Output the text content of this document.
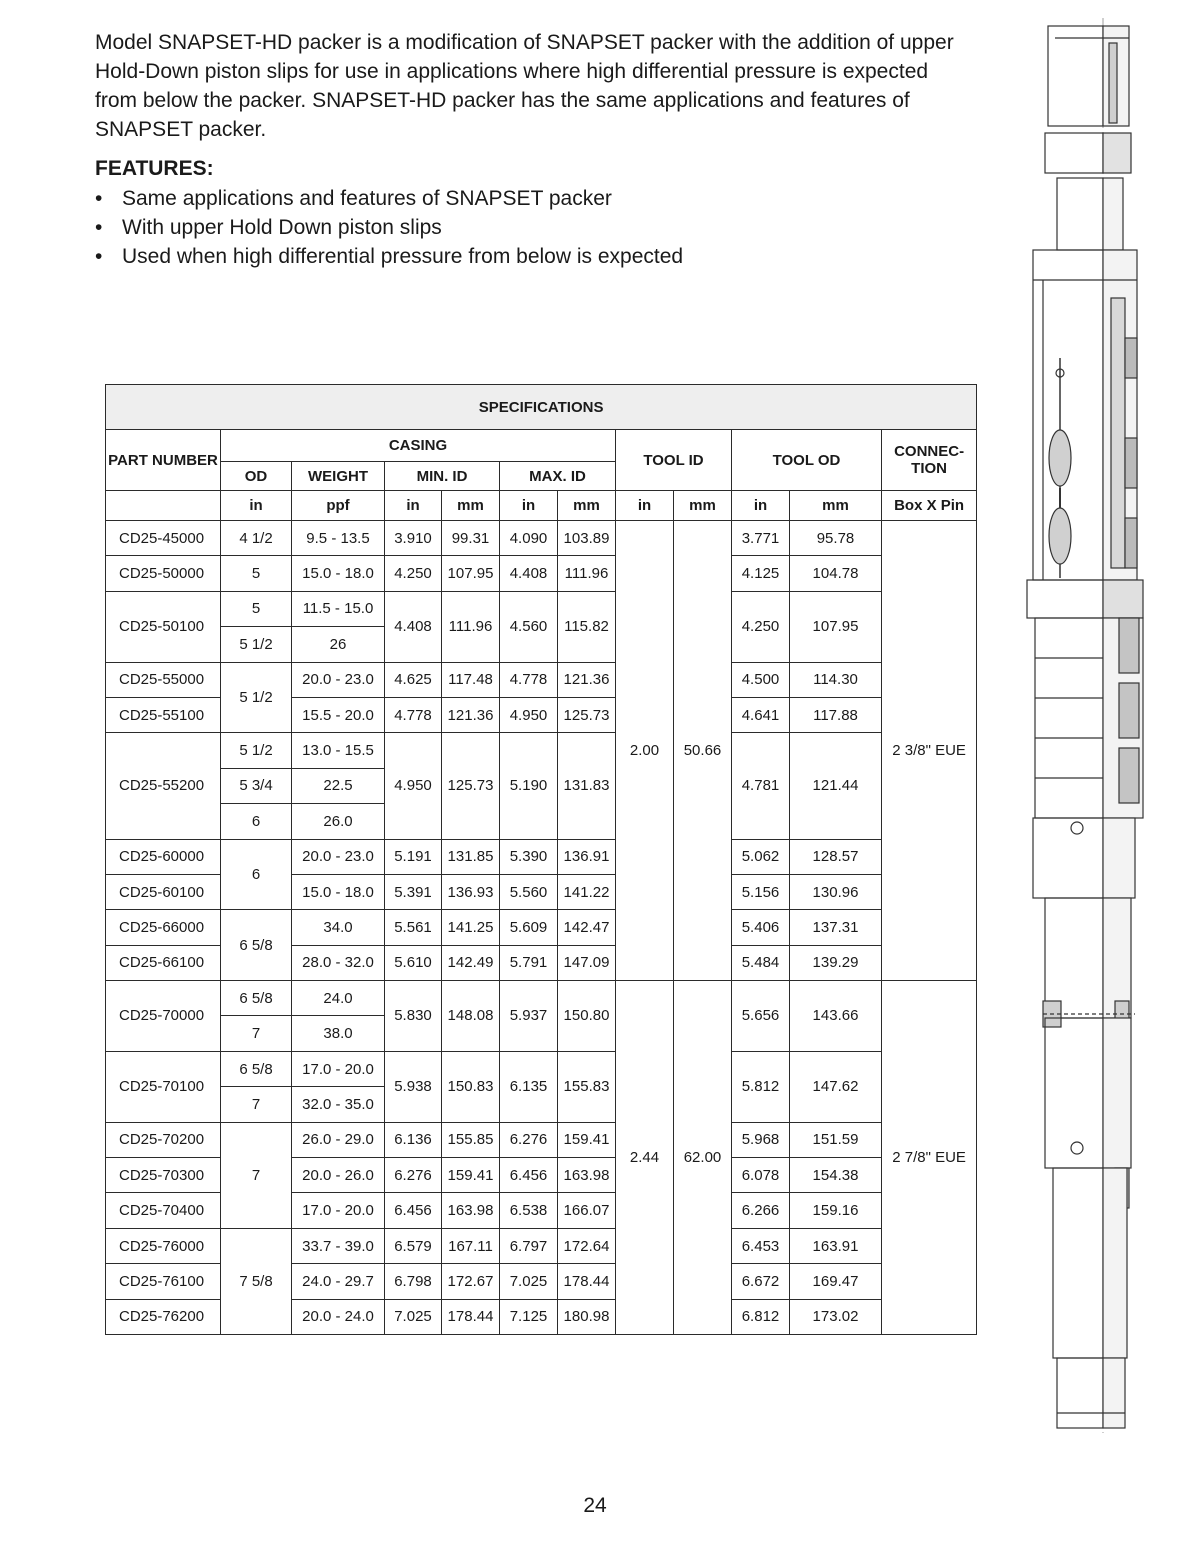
Model SNAPSET-HD packer is a modification of SNAPSET packer with the addition of upper Hold-Down piston slips for use in applications where high differential pressure is expected from below the packer. SNAPSET-HD packer has the same applications and features of SNAPSET packer.

FEATURES:
• Same applications and features of SNAPSET packer
• With upper Hold Down piston slips
• Used when high differential pressure from below is expected
SPECIFICATIONS											
PART NUMBER	CASING						TOOL ID		TOOL OD		CONNEC-TION
	OD	WEIGHT	MIN. ID		MAX. ID						
	in	ppf	in	mm	in	mm	in	mm	in	mm	Box X Pin
CD25-45000	4 1/2	9.5 - 13.5	3.910	99.31	4.090	103.89	2.00	50.66	3.771	95.78	2 3/8" EUE
CD25-50000	5	15.0 - 18.0	4.250	107.95	4.408	111.96			4.125	104.78	
CD25-50100	5	11.5 - 15.0	4.408	111.96	4.560	115.82			4.250	107.95	
	5 1/2	26									
CD25-55000	5 1/2	20.0 - 23.0	4.625	117.48	4.778	121.36			4.500	114.30	
CD25-55100		15.5 - 20.0	4.778	121.36	4.950	125.73			4.641	117.88	
CD25-55200	5 1/2	13.0 - 15.5	4.950	125.73	5.190	131.83			4.781	121.44	
	5 3/4	22.5									
	6	26.0									
CD25-60000	6	20.0 - 23.0	5.191	131.85	5.390	136.91			5.062	128.57	
CD25-60100		15.0 - 18.0	5.391	136.93	5.560	141.22			5.156	130.96	
CD25-66000	6 5/8	34.0	5.561	141.25	5.609	142.47			5.406	137.31	
CD25-66100		28.0 - 32.0	5.610	142.49	5.791	147.09			5.484	139.29	
CD25-70000	6 5/8	24.0	5.830	148.08	5.937	150.80	2.44	62.00	5.656	143.66	2 7/8" EUE
	7	38.0									
CD25-70100	6 5/8	17.0 - 20.0	5.938	150.83	6.135	155.83			5.812	147.62	
	7	32.0 - 35.0									
CD25-70200	7	26.0 - 29.0	6.136	155.85	6.276	159.41			5.968	151.59	
CD25-70300		20.0 - 26.0	6.276	159.41	6.456	163.98			6.078	154.38	
CD25-70400		17.0 - 20.0	6.456	163.98	6.538	166.07			6.266	159.16	
CD25-76000	7 5/8	33.7 - 39.0	6.579	167.11	6.797	172.64			6.453	163.91	
CD25-76100		24.0 - 29.7	6.798	172.67	7.025	178.44			6.672	169.47	
CD25-76200		20.0 - 24.0	7.025	178.44	7.125	180.98			6.812	173.02	
24
